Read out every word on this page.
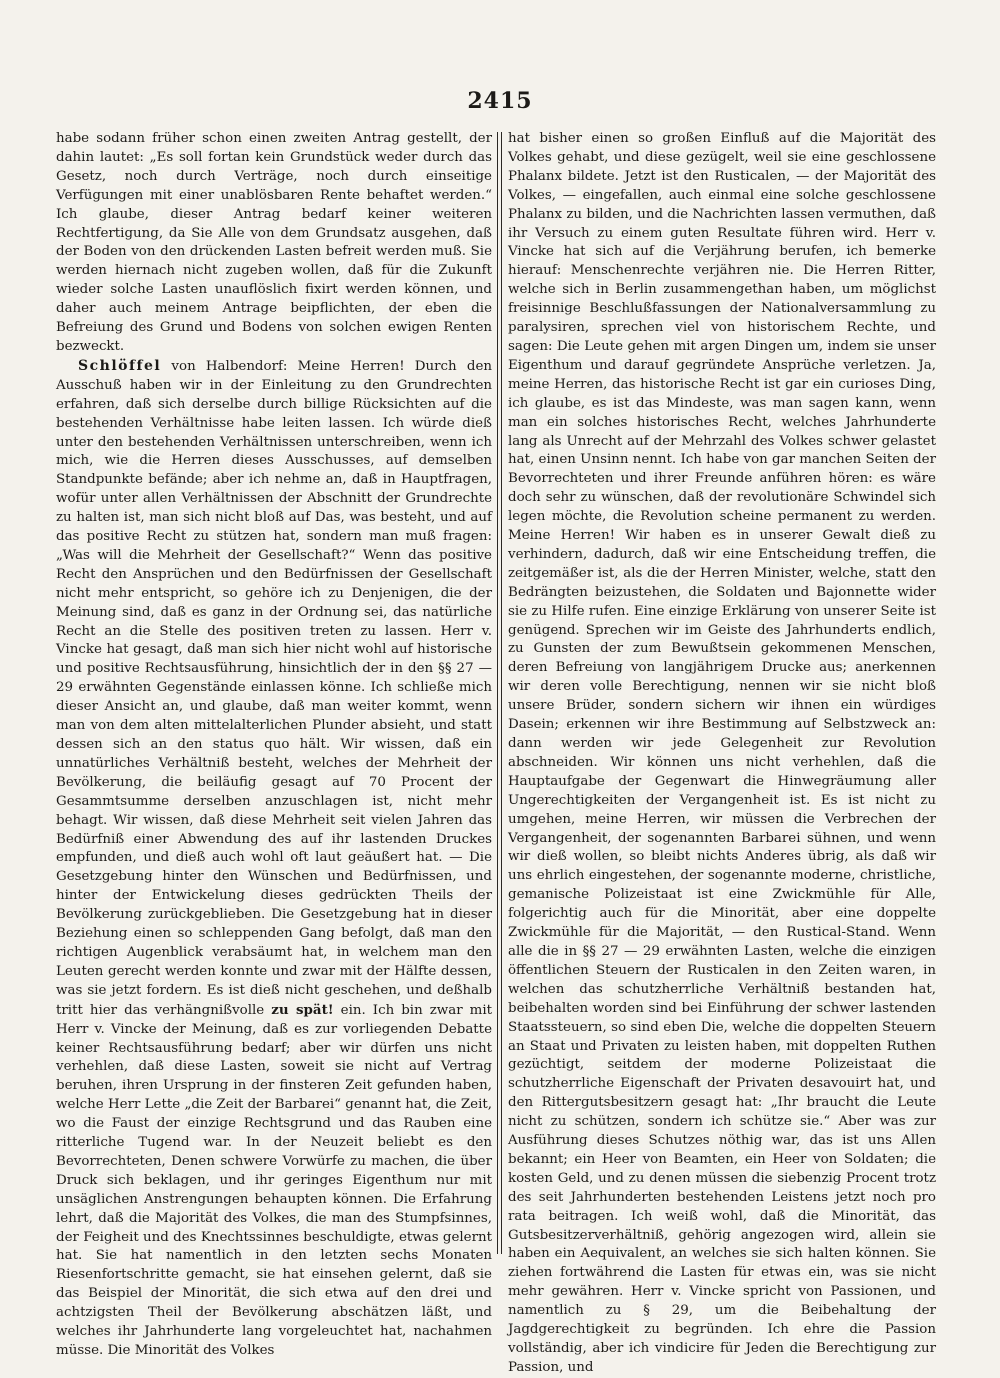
2415

habe sodann früher schon einen zweiten Antrag gestellt, der dahin lautet: „Es soll fortan kein Grundstück weder durch das Gesetz, noch durch Verträge, noch durch einseitige Verfügungen mit einer unablösbaren Rente behaftet werden.“ Ich glaube, dieser Antrag bedarf keiner weiteren Rechtfertigung, da Sie Alle von dem Grundsatz ausgehen, daß der Boden von den drückenden Lasten befreit werden muß. Sie werden hiernach nicht zugeben wollen, daß für die Zukunft wieder solche Lasten unauflöslich fixirt werden können, und daher auch meinem Antrage beipflichten, der eben die Befreiung des Grund und Bodens von solchen ewigen Renten bezweckt.

Schlöffel von Halbendorf: Meine Herren! Durch den Ausschuß haben wir in der Einleitung zu den Grundrechten erfahren, daß sich derselbe durch billige Rücksichten auf die bestehenden Verhältnisse habe leiten lassen. Ich würde dieß unter den bestehenden Verhältnissen unterschreiben, wenn ich mich, wie die Herren dieses Ausschusses, auf demselben Standpunkte befände; aber ich nehme an, daß in Hauptfragen, wofür unter allen Verhältnissen der Abschnitt der Grundrechte zu halten ist, man sich nicht bloß auf Das, was besteht, und auf das positive Recht zu stützen hat, sondern man muß fragen: „Was will die Mehrheit der Gesellschaft?“ Wenn das positive Recht den Ansprüchen und den Bedürfnissen der Gesellschaft nicht mehr entspricht, so gehöre ich zu Denjenigen, die der Meinung sind, daß es ganz in der Ordnung sei, das natürliche Recht an die Stelle des positiven treten zu lassen. Herr v. Vincke hat gesagt, daß man sich hier nicht wohl auf historische und positive Rechtsausführung, hinsichtlich der in den §§ 27 — 29 erwähnten Gegenstände einlassen könne. Ich schließe mich dieser Ansicht an, und glaube, daß man weiter kommt, wenn man von dem alten mittelalterlichen Plunder absieht, und statt dessen sich an den status quo hält. Wir wissen, daß ein unnatürliches Verhältniß besteht, welches der Mehrheit der Bevölkerung, die beiläufig gesagt auf 70 Procent der Gesammtsumme derselben anzuschlagen ist, nicht mehr behagt. Wir wissen, daß diese Mehrheit seit vielen Jahren das Bedürfniß einer Abwendung des auf ihr lastenden Druckes empfunden, und dieß auch wohl oft laut geäußert hat. — Die Gesetzgebung hinter den Wünschen und Bedürfnissen, und hinter der Entwickelung dieses gedrückten Theils der Bevölkerung zurückgeblieben. Die Gesetzgebung hat in dieser Beziehung einen so schleppenden Gang befolgt, daß man den richtigen Augenblick verabsäumt hat, in welchem man den Leuten gerecht werden konnte und zwar mit der Hälfte dessen, was sie jetzt fordern. Es ist dieß nicht geschehen, und deßhalb tritt hier das verhängnißvolle zu spät! ein. Ich bin zwar mit Herr v. Vincke der Meinung, daß es zur vorliegenden Debatte keiner Rechtsausführung bedarf; aber wir dürfen uns nicht verhehlen, daß diese Lasten, soweit sie nicht auf Vertrag beruhen, ihren Ursprung in der finsteren Zeit gefunden haben, welche Herr Lette „die Zeit der Barbarei“ genannt hat, die Zeit, wo die Faust der einzige Rechtsgrund und das Rauben eine ritterliche Tugend war. In der Neuzeit beliebt es den Bevorrechteten, Denen schwere Vorwürfe zu machen, die über Druck sich beklagen, und ihr geringes Eigenthum nur mit unsäglichen Anstrengungen behaupten können. Die Erfahrung lehrt, daß die Majorität des Volkes, die man des Stumpfsinnes, der Feigheit und des Knechtssinnes beschuldigte, etwas gelernt hat. Sie hat namentlich in den letzten sechs Monaten Riesenfortschritte gemacht, sie hat einsehen gelernt, daß sie das Beispiel der Minorität, die sich etwa auf den drei und achtzigsten Theil der Bevölkerung abschätzen läßt, und welches ihr Jahrhunderte lang vorgeleuchtet hat, nachahmen müsse. Die Minorität des Volkes

hat bisher einen so großen Einfluß auf die Majorität des Volkes gehabt, und diese gezügelt, weil sie eine geschlossene Phalanx bildete. Jetzt ist den Rusticalen, — der Majorität des Volkes, — eingefallen, auch einmal eine solche geschlossene Phalanx zu bilden, und die Nachrichten lassen vermuthen, daß ihr Versuch zu einem guten Resultate führen wird. Herr v. Vincke hat sich auf die Verjährung berufen, ich bemerke hierauf: Menschenrechte verjähren nie. Die Herren Ritter, welche sich in Berlin zusammengethan haben, um möglichst freisinnige Beschlußfassungen der Nationalversammlung zu paralysiren, sprechen viel von historischem Rechte, und sagen: Die Leute gehen mit argen Dingen um, indem sie unser Eigenthum und darauf gegründete Ansprüche verletzen. Ja, meine Herren, das historische Recht ist gar ein curioses Ding, ich glaube, es ist das Mindeste, was man sagen kann, wenn man ein solches historisches Recht, welches Jahrhunderte lang als Unrecht auf der Mehrzahl des Volkes schwer gelastet hat, einen Unsinn nennt. Ich habe von gar manchen Seiten der Bevorrechteten und ihrer Freunde anführen hören: es wäre doch sehr zu wünschen, daß der revolutionäre Schwindel sich legen möchte, die Revolution scheine permanent zu werden. Meine Herren! Wir haben es in unserer Gewalt dieß zu verhindern, dadurch, daß wir eine Entscheidung treffen, die zeitgemäßer ist, als die der Herren Minister, welche, statt den Bedrängten beizustehen, die Soldaten und Bajonnette wider sie zu Hilfe rufen. Eine einzige Erklärung von unserer Seite ist genügend. Sprechen wir im Geiste des Jahrhunderts endlich, zu Gunsten der zum Bewußtsein gekommenen Menschen, deren Befreiung von langjährigem Drucke aus; anerkennen wir deren volle Berechtigung, nennen wir sie nicht bloß unsere Brüder, sondern sichern wir ihnen ein würdiges Dasein; erkennen wir ihre Bestimmung auf Selbstzweck an: dann werden wir jede Gelegenheit zur Revolution abschneiden. Wir können uns nicht verhehlen, daß die Hauptaufgabe der Gegenwart die Hinwegräumung aller Ungerechtigkeiten der Vergangenheit ist. Es ist nicht zu umgehen, meine Herren, wir müssen die Verbrechen der Vergangenheit, der sogenannten Barbarei sühnen, und wenn wir dieß wollen, so bleibt nichts Anderes übrig, als daß wir uns ehrlich eingestehen, der sogenannte moderne, christliche, gemanische Polizeistaat ist eine Zwickmühle für Alle, folgerichtig auch für die Minorität, aber eine doppelte Zwickmühle für die Majorität, — den Rustical-Stand. Wenn alle die in §§ 27 — 29 erwähnten Lasten, welche die einzigen öffentlichen Steuern der Rusticalen in den Zeiten waren, in welchen das schutzherrliche Verhältniß bestanden hat, beibehalten worden sind bei Einführung der schwer lastenden Staatssteuern, so sind eben Die, welche die doppelten Steuern an Staat und Privaten zu leisten haben, mit doppelten Ruthen gezüchtigt, seitdem der moderne Polizeistaat die schutzherrliche Eigenschaft der Privaten desavouirt hat, und den Rittergutsbesitzern gesagt hat: „Ihr braucht die Leute nicht zu schützen, sondern ich schütze sie.“ Aber was zur Ausführung dieses Schutzes nöthig war, das ist uns Allen bekannt; ein Heer von Beamten, ein Heer von Soldaten; die kosten Geld, und zu denen müssen die siebenzig Procent trotz des seit Jahrhunderten bestehenden Leistens jetzt noch pro rata beitragen. Ich weiß wohl, daß die Minorität, das Gutsbesitzerverhältniß, gehörig angezogen wird, allein sie haben ein Aequivalent, an welches sie sich halten können. Sie ziehen fortwährend die Lasten für etwas ein, was sie nicht mehr gewähren. Herr v. Vincke spricht von Passionen, und namentlich zu § 29, um die Beibehaltung der Jagdgerechtigkeit zu begründen. Ich ehre die Passion vollständig, aber ich vindicire für Jeden die Berechtigung zur Passion, und
